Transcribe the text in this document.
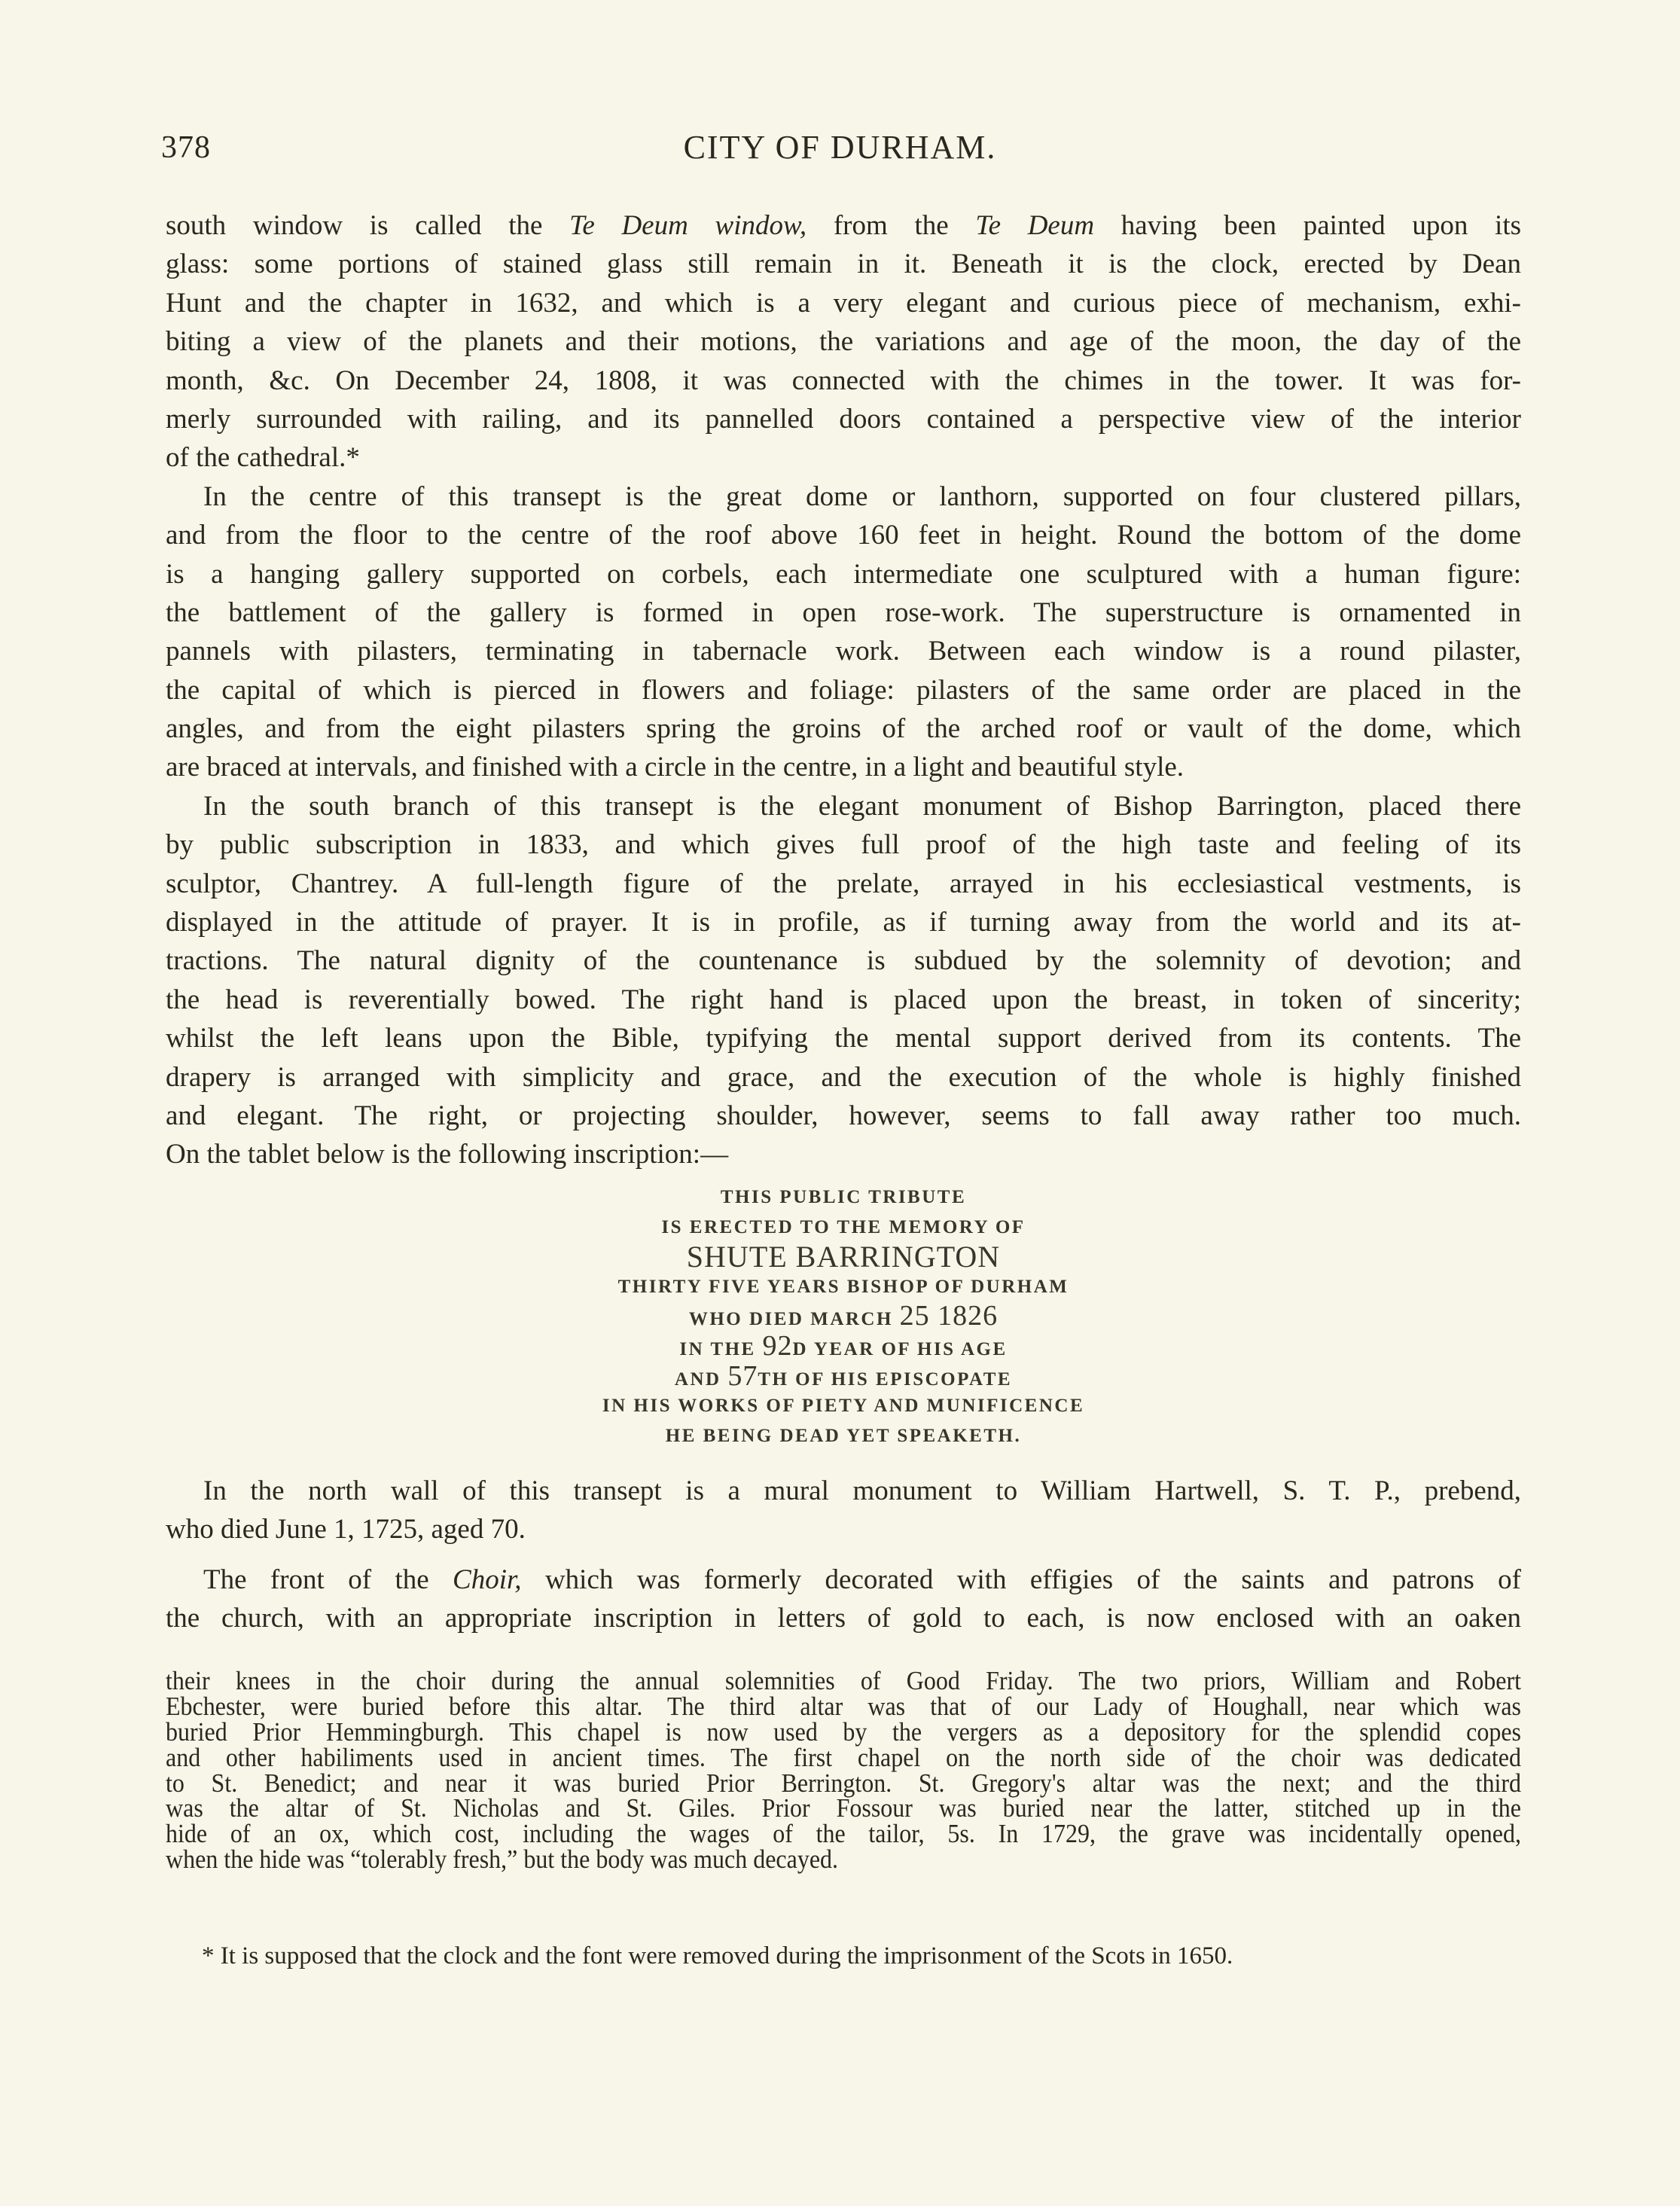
378	CITY OF DURHAM.
south window is called the Te Deum window, from the Te Deum having been painted upon its
glass: some portions of stained glass still remain in it. Beneath it is the clock, erected by Dean
Hunt and the chapter in 1632, and which is a very elegant and curious piece of mechanism, exhi-
biting a view of the planets and their motions, the variations and age of the moon, the day of the
month, &c. On December 24, 1808, it was connected with the chimes in the tower. It was for-
merly surrounded with railing, and its pannelled doors contained a perspective view of the interior
of the cathedral.*
In the centre of this transept is the great dome or lanthorn, supported on four clustered pillars,
and from the floor to the centre of the roof above 160 feet in height. Round the bottom of the dome
is a hanging gallery supported on corbels, each intermediate one sculptured with a human figure:
the battlement of the gallery is formed in open rose-work. The superstructure is ornamented in
pannels with pilasters, terminating in tabernacle work. Between each window is a round pilaster,
the capital of which is pierced in flowers and foliage: pilasters of the same order are placed in the
angles, and from the eight pilasters spring the groins of the arched roof or vault of the dome, which
are braced at intervals, and finished with a circle in the centre, in a light and beautiful style.
In the south branch of this transept is the elegant monument of Bishop Barrington, placed there
by public subscription in 1833, and which gives full proof of the high taste and feeling of its
sculptor, Chantrey. A full-length figure of the prelate, arrayed in his ecclesiastical vestments, is
displayed in the attitude of prayer. It is in profile, as if turning away from the world and its at-
tractions. The natural dignity of the countenance is subdued by the solemnity of devotion; and
the head is reverentially bowed. The right hand is placed upon the breast, in token of sincerity;
whilst the left leans upon the Bible, typifying the mental support derived from its contents. The
drapery is arranged with simplicity and grace, and the execution of the whole is highly finished
and elegant. The right, or projecting shoulder, however, seems to fall away rather too much.
On the tablet below is the following inscription:—
THIS PUBLIC TRIBUTE
IS ERECTED TO THE MEMORY OF
SHUTE BARRINGTON
THIRTY FIVE YEARS BISHOP OF DURHAM
WHO DIED MARCH 25 1826
IN THE 92D YEAR OF HIS AGE
AND 57TH OF HIS EPISCOPATE
IN HIS WORKS OF PIETY AND MUNIFICENCE
HE BEING DEAD YET SPEAKETH.
In the north wall of this transept is a mural monument to William Hartwell, S. T. P., prebend,
who died June 1, 1725, aged 70.
The front of the Choir, which was formerly decorated with effigies of the saints and patrons of
the church, with an appropriate inscription in letters of gold to each, is now enclosed with an oaken
their knees in the choir during the annual solemnities of Good Friday. The two priors, William and Robert
Ebchester, were buried before this altar. The third altar was that of our Lady of Houghall, near which was
buried Prior Hemmingburgh. This chapel is now used by the vergers as a depository for the splendid copes
and other habiliments used in ancient times. The first chapel on the north side of the choir was dedicated
to St. Benedict; and near it was buried Prior Berrington. St. Gregory's altar was the next; and the third
was the altar of St. Nicholas and St. Giles. Prior Fossour was buried near the latter, stitched up in the
hide of an ox, which cost, including the wages of the tailor, 5s. In 1729, the grave was incidentally opened,
when the hide was “tolerably fresh,” but the body was much decayed.
* It is supposed that the clock and the font were removed during the imprisonment of the Scots in 1650.
